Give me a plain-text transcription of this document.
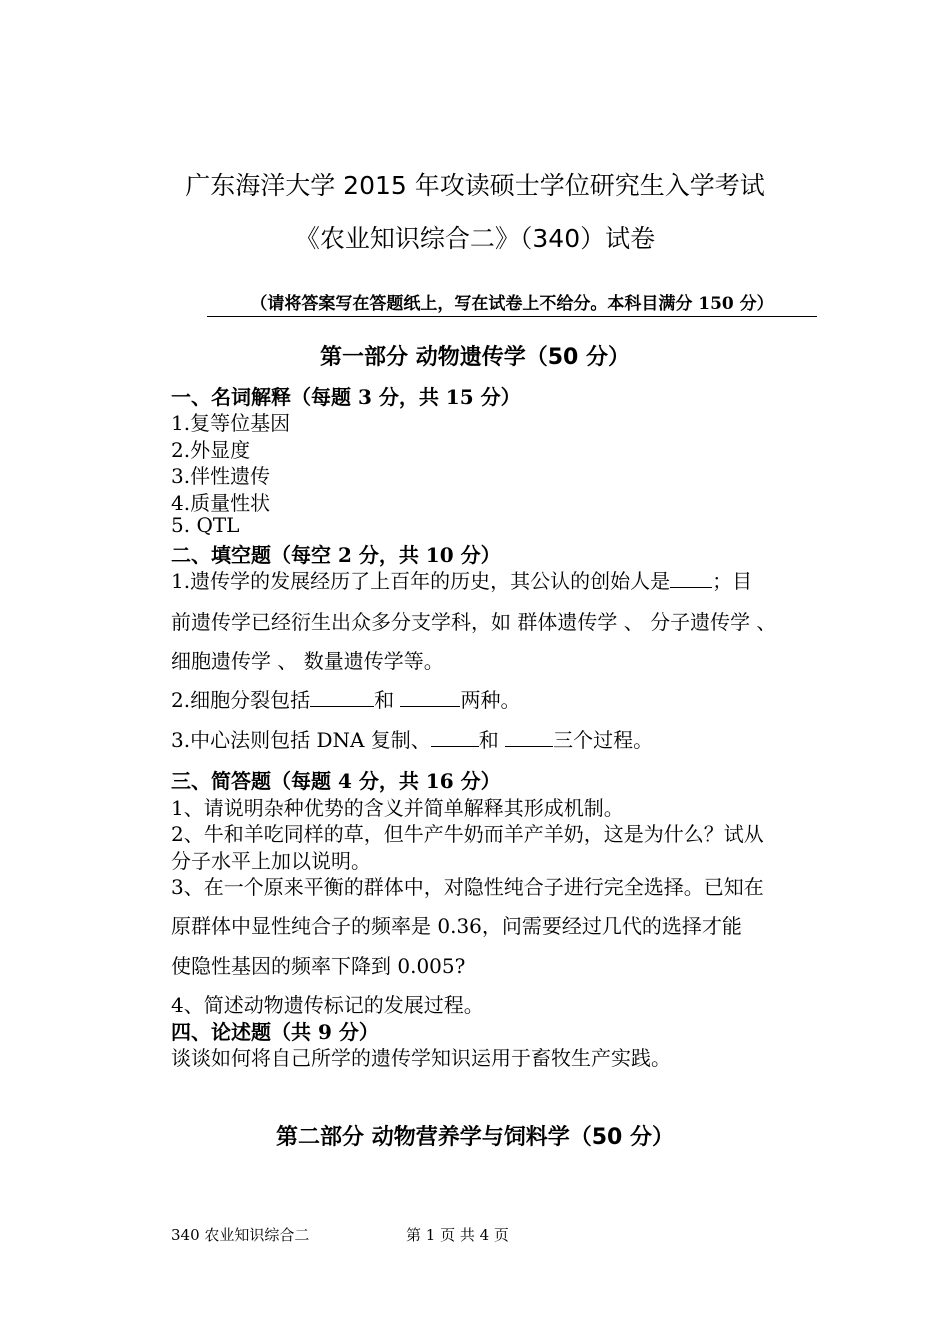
广东海洋大学 2015 年攻读硕士学位研究生入学考试
《农业知识综合二》（340）试卷
（请将答案写在答题纸上，写在试卷上不给分。本科目满分 150 分）
第一部分 动物遗传学（50 分）
一、名词解释（每题 3 分，共 15 分）
1.复等位基因
2.外显度
3.伴性遗传
4.质量性状
5. QTL
二、填空题（每空 2 分，共 10 分）
1.遗传学的发展经历了上百年的历史，其公认的创始人是 ；目
前遗传学已经衍生出众多分支学科，如 群体遗传学 、 分子遗传学 、
细胞遗传学 、 数量遗传学等。
2.细胞分裂包括	和	两种。
3.中心法则包括 DNA 复制、 和 三个过程。
三、简答题（每题 4 分，共 16 分）
1、请说明杂种优势的含义并简单解释其形成机制。
2、牛和羊吃同样的草，但牛产牛奶而羊产羊奶，这是为什么？试从
分子水平上加以说明。
3、在一个原来平衡的群体中，对隐性纯合子进行完全选择。已知在
原群体中显性纯合子的频率是 0.36，问需要经过几代的选择才能
使隐性基因的频率下降到 0.005?
4、简述动物遗传标记的发展过程。
四、论述题（共 9 分）
谈谈如何将自己所学的遗传学知识运用于畜牧生产实践。
第二部分 动物营养学与饲料学（50 分）
340 农业知识综合二	第 1 页 共 4 页
